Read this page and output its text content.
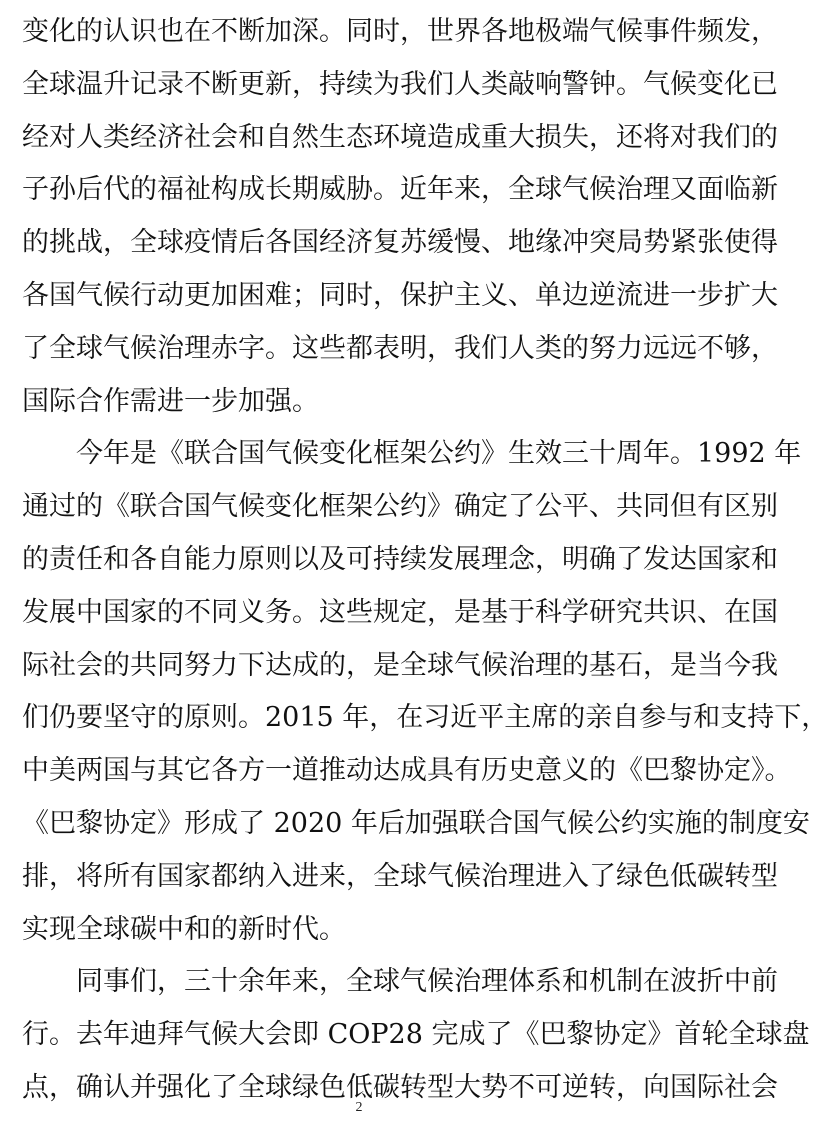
变化的认识也在不断加深。同时，世界各地极端气候事件频发，
全球温升记录不断更新，持续为我们人类敲响警钟。气候变化已
经对人类经济社会和自然生态环境造成重大损失，还将对我们的
子孙后代的福祉构成长期威胁。近年来，全球气候治理又面临新
的挑战，全球疫情后各国经济复苏缓慢、地缘冲突局势紧张使得
各国气候行动更加困难；同时，保护主义、单边逆流进一步扩大
了全球气候治理赤字。这些都表明，我们人类的努力远远不够，
国际合作需进一步加强。
　　今年是《联合国气候变化框架公约》生效三十周年。1992 年
通过的《联合国气候变化框架公约》确定了公平、共同但有区别
的责任和各自能力原则以及可持续发展理念，明确了发达国家和
发展中国家的不同义务。这些规定，是基于科学研究共识、在国
际社会的共同努力下达成的，是全球气候治理的基石，是当今我
们仍要坚守的原则。2015 年，在习近平主席的亲自参与和支持下，
中美两国与其它各方一道推动达成具有历史意义的《巴黎协定》。
《巴黎协定》形成了 2020 年后加强联合国气候公约实施的制度安
排，将所有国家都纳入进来，全球气候治理进入了绿色低碳转型
实现全球碳中和的新时代。
　　同事们，三十余年来，全球气候治理体系和机制在波折中前
行。去年迪拜气候大会即 COP28 完成了《巴黎协定》首轮全球盘
点，确认并强化了全球绿色低碳转型大势不可逆转，向国际社会
2
